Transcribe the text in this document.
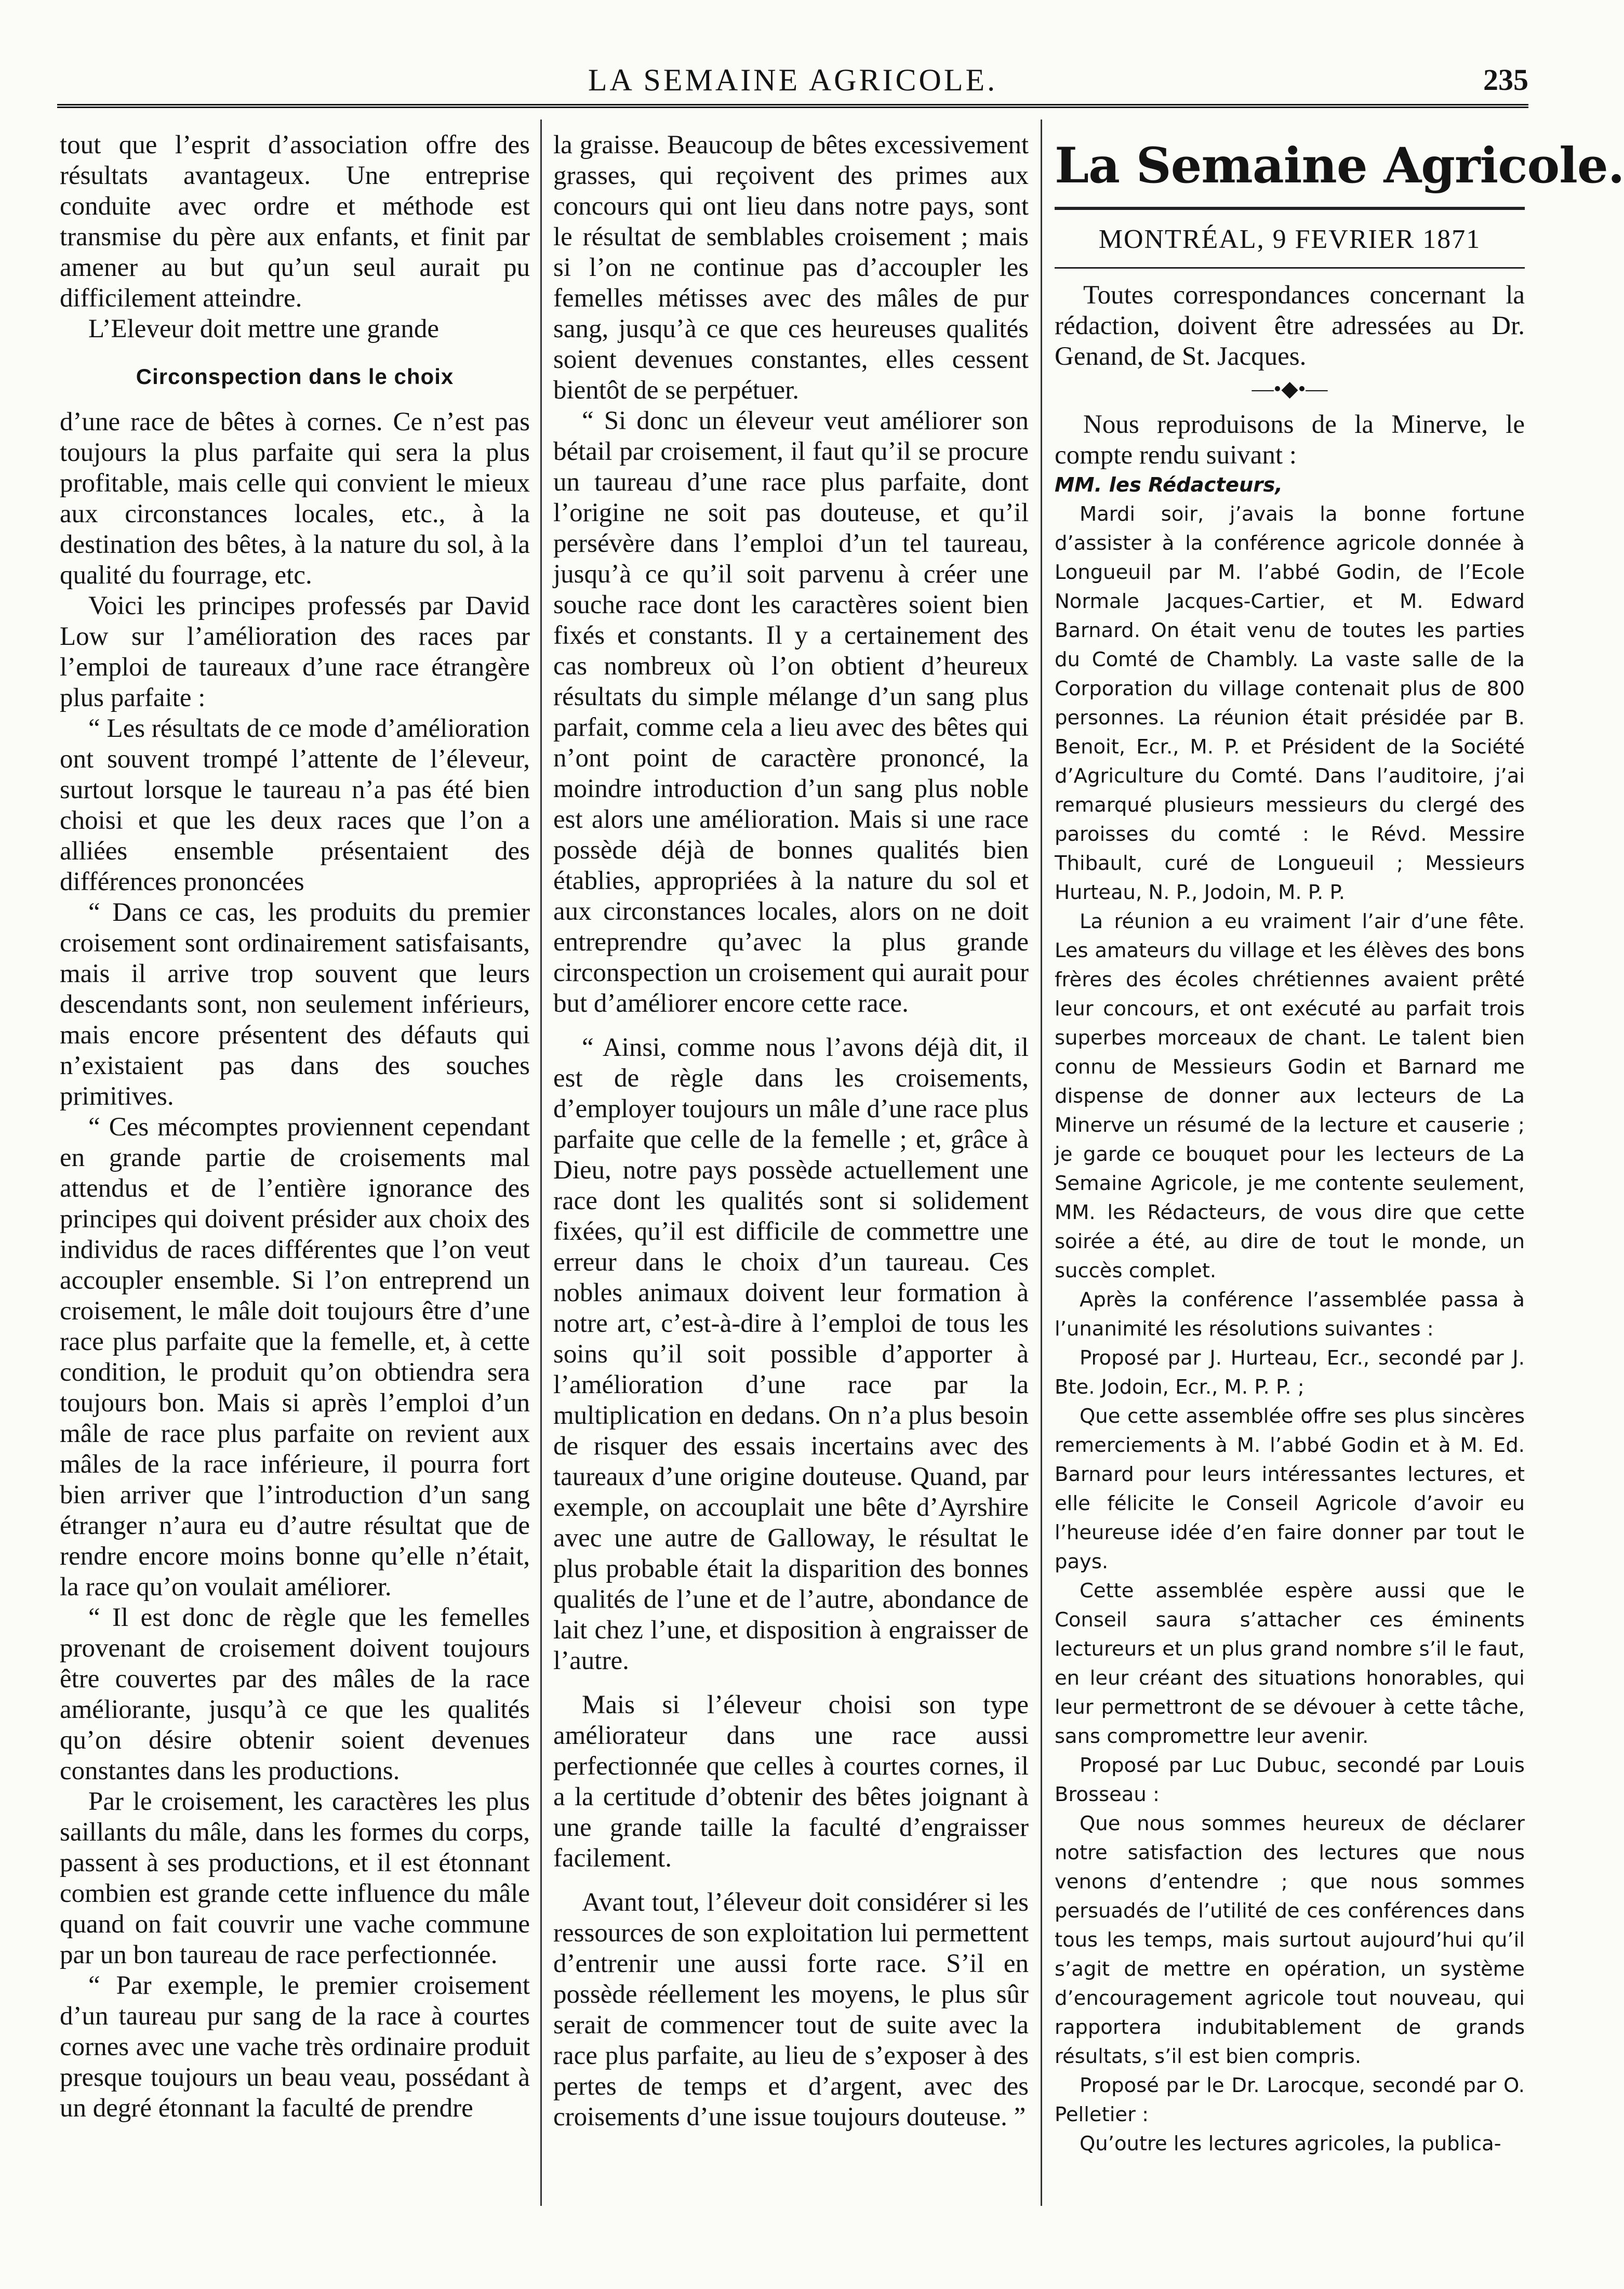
LA SEMAINE AGRICOLE.	235

tout que l’esprit d’association offre des résultats avantageux. Une entreprise conduite avec ordre et méthode est transmise du père aux enfants, et finit par amener au but qu’un seul aurait pu difficilement atteindre.

L’Eleveur doit mettre une grande

Circonspection dans le choix

d’une race de bêtes à cornes. Ce n’est pas toujours la plus parfaite qui sera la plus profitable, mais celle qui convient le mieux aux circonstances locales, etc., à la destination des bêtes, à la nature du sol, à la qualité du fourrage, etc.

Voici les principes professés par David Low sur l’amélioration des races par l’emploi de taureaux d’une race étrangère plus parfaite :

“ Les résultats de ce mode d’amélioration ont souvent trompé l’attente de l’éleveur, surtout lorsque le taureau n’a pas été bien choisi et que les deux races que l’on a alliées ensemble présentaient des différences prononcées

“ Dans ce cas, les produits du premier croisement sont ordinairement satisfaisants, mais il arrive trop souvent que leurs descendants sont, non seulement inférieurs, mais encore présentent des défauts qui n’existaient pas dans des souches primitives.

“ Ces mécomptes proviennent cependant en grande partie de croisements mal attendus et de l’entière ignorance des principes qui doivent présider aux choix des individus de races différentes que l’on veut accoupler ensemble. Si l’on entreprend un croisement, le mâle doit toujours être d’une race plus parfaite que la femelle, et, à cette condition, le produit qu’on obtiendra sera toujours bon. Mais si après l’emploi d’un mâle de race plus parfaite on revient aux mâles de la race inférieure, il pourra fort bien arriver que l’introduction d’un sang étranger n’aura eu d’autre résultat que de rendre encore moins bonne qu’elle n’était, la race qu’on voulait améliorer.

“ Il est donc de règle que les femelles provenant de croisement doivent toujours être couvertes par des mâles de la race améliorante, jusqu’à ce que les qualités qu’on désire obtenir soient devenues constantes dans les productions.

Par le croisement, les caractères les plus saillants du mâle, dans les formes du corps, passent à ses productions, et il est étonnant combien est grande cette influence du mâle quand on fait couvrir une vache commune par un bon taureau de race perfectionnée.

“ Par exemple, le premier croisement d’un taureau pur sang de la race à courtes cornes avec une vache très ordinaire produit presque toujours un beau veau, possédant à un degré étonnant la faculté de prendre

la graisse. Beaucoup de bêtes excessivement grasses, qui reçoivent des primes aux concours qui ont lieu dans notre pays, sont le résultat de semblables croisement ; mais si l’on ne continue pas d’accoupler les femelles métisses avec des mâles de pur sang, jusqu’à ce que ces heureuses qualités soient devenues constantes, elles cessent bientôt de se perpétuer.

“ Si donc un éleveur veut améliorer son bétail par croisement, il faut qu’il se procure un taureau d’une race plus parfaite, dont l’origine ne soit pas douteuse, et qu’il persévère dans l’emploi d’un tel taureau, jusqu’à ce qu’il soit parvenu à créer une souche race dont les caractères soient bien fixés et constants. Il y a certainement des cas nombreux où l’on obtient d’heureux résultats du simple mélange d’un sang plus parfait, comme cela a lieu avec des bêtes qui n’ont point de caractère prononcé, la moindre introduction d’un sang plus noble est alors une amélioration. Mais si une race possède déjà de bonnes qualités bien établies, appropriées à la nature du sol et aux circonstances locales, alors on ne doit entreprendre qu’avec la plus grande circonspection un croisement qui aurait pour but d’améliorer encore cette race.

“ Ainsi, comme nous l’avons déjà dit, il est de règle dans les croisements, d’employer toujours un mâle d’une race plus parfaite que celle de la femelle ; et, grâce à Dieu, notre pays possède actuellement une race dont les qualités sont si solidement fixées, qu’il est difficile de commettre une erreur dans le choix d’un taureau. Ces nobles animaux doivent leur formation à notre art, c’est-à-dire à l’emploi de tous les soins qu’il soit possible d’apporter à l’amélioration d’une race par la multiplication en dedans. On n’a plus besoin de risquer des essais incertains avec des taureaux d’une origine douteuse. Quand, par exemple, on accouplait une bête d’Ayrshire avec une autre de Galloway, le résultat le plus probable était la disparition des bonnes qualités de l’une et de l’autre, abondance de lait chez l’une, et disposition à engraisser de l’autre.

Mais si l’éleveur choisi son type améliorateur dans une race aussi perfectionnée que celles à courtes cornes, il a la certitude d’obtenir des bêtes joignant à une grande taille la faculté d’engraisser facilement.

Avant tout, l’éleveur doit considérer si les ressources de son exploitation lui permettent d’entrenir une aussi forte race. S’il en possède réellement les moyens, le plus sûr serait de commencer tout de suite avec la race plus parfaite, au lieu de s’exposer à des pertes de temps et d’argent, avec des croisements d’une issue toujours douteuse. ”

La Semaine Agricole.
MONTRÉAL, 9 FEVRIER 1871

Toutes correspondances concernant la rédaction, doivent être adressées au Dr. Genand, de St. Jacques.

—•◆•—

Nous reproduisons de la Minerve, le compte rendu suivant :

MM. les Rédacteurs,

Mardi soir, j’avais la bonne fortune d’assister à la conférence agricole donnée à Longueuil par M. l’abbé Godin, de l’Ecole Normale Jacques-Cartier, et M. Edward Barnard. On était venu de toutes les parties du Comté de Chambly. La vaste salle de la Corporation du village contenait plus de 800 personnes. La réunion était présidée par B. Benoit, Ecr., M. P. et Président de la Société d’Agriculture du Comté. Dans l’auditoire, j’ai remarqué plusieurs messieurs du clergé des paroisses du comté : le Révd. Messire Thibault, curé de Longueuil ; Messieurs Hurteau, N. P., Jodoin, M. P. P.

La réunion a eu vraiment l’air d’une fête. Les amateurs du village et les élèves des bons frères des écoles chrétiennes avaient prêté leur concours, et ont exécuté au parfait trois superbes morceaux de chant. Le talent bien connu de Messieurs Godin et Barnard me dispense de donner aux lecteurs de La Minerve un résumé de la lecture et causerie ; je garde ce bouquet pour les lecteurs de La Semaine Agricole, je me contente seulement, MM. les Rédacteurs, de vous dire que cette soirée a été, au dire de tout le monde, un succès complet.

Après la conférence l’assemblée passa à l’unanimité les résolutions suivantes :

Proposé par J. Hurteau, Ecr., secondé par J. Bte. Jodoin, Ecr., M. P. P. ;

Que cette assemblée offre ses plus sincères remerciements à M. l’abbé Godin et à M. Ed. Barnard pour leurs intéressantes lectures, et elle félicite le Conseil Agricole d’avoir eu l’heureuse idée d’en faire donner par tout le pays.

Cette assemblée espère aussi que le Conseil saura s’attacher ces éminents lectureurs et un plus grand nombre s’il le faut, en leur créant des situations honorables, qui leur permettront de se dévouer à cette tâche, sans compromettre leur avenir.

Proposé par Luc Dubuc, secondé par Louis Brosseau :

Que nous sommes heureux de déclarer notre satisfaction des lectures que nous venons d’entendre ; que nous sommes persuadés de l’utilité de ces conférences dans tous les temps, mais surtout aujourd’hui qu’il s’agit de mettre en opération, un système d’encouragement agricole tout nouveau, qui rapportera indubitablement de grands résultats, s’il est bien compris.

Proposé par le Dr. Larocque, secondé par O. Pelletier :

Qu’outre les lectures agricoles, la publica-
